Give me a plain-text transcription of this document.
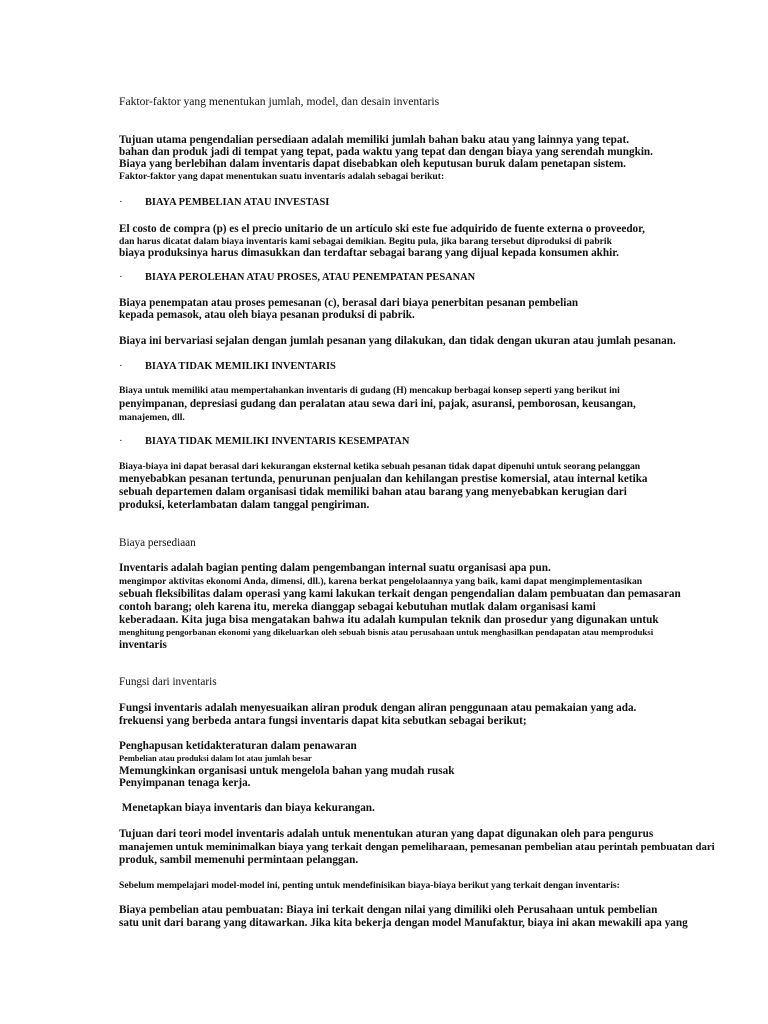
Faktor-faktor yang menentukan jumlah, model, dan desain inventaris
Tujuan utama pengendalian persediaan adalah memiliki jumlah bahan baku atau yang lainnya yang tepat.
bahan dan produk jadi di tempat yang tepat, pada waktu yang tepat dan dengan biaya yang serendah mungkin.
Biaya yang berlebihan dalam inventaris dapat disebabkan oleh keputusan buruk dalam penetapan sistem.
Faktor-faktor yang dapat menentukan suatu inventaris adalah sebagai berikut:
· BIAYA PEMBELIAN ATAU INVESTASI
El costo de compra (p) es el precio unitario de un artículo ski este fue adquirido de fuente externa o proveedor,
dan harus dicatat dalam biaya inventaris kami sebagai demikian. Begitu pula, jika barang tersebut diproduksi di pabrik
biaya produksinya harus dimasukkan dan terdaftar sebagai barang yang dijual kepada konsumen akhir.
· BIAYA PEROLEHAN ATAU PROSES, ATAU PENEMPATAN PESANAN
Biaya penempatan atau proses pemesanan (c), berasal dari biaya penerbitan pesanan pembelian
kepada pemasok, atau oleh biaya pesanan produksi di pabrik.
Biaya ini bervariasi sejalan dengan jumlah pesanan yang dilakukan, dan tidak dengan ukuran atau jumlah pesanan.
· BIAYA TIDAK MEMILIKI INVENTARIS
Biaya untuk memiliki atau mempertahankan inventaris di gudang (H) mencakup berbagai konsep seperti yang berikut ini
penyimpanan, depresiasi gudang dan peralatan atau sewa dari ini, pajak, asuransi, pemborosan, keusangan,
manajemen, dll.
· BIAYA TIDAK MEMILIKI INVENTARIS KESEMPATAN
Biaya-biaya ini dapat berasal dari kekurangan eksternal ketika sebuah pesanan tidak dapat dipenuhi untuk seorang pelanggan
menyebabkan pesanan tertunda, penurunan penjualan dan kehilangan prestise komersial, atau internal ketika
sebuah departemen dalam organisasi tidak memiliki bahan atau barang yang menyebabkan kerugian dari
produksi, keterlambatan dalam tanggal pengiriman.
Biaya persediaan
Inventaris adalah bagian penting dalam pengembangan internal suatu organisasi apa pun.
mengimpor aktivitas ekonomi Anda, dimensi, dll.), karena berkat pengelolaannya yang baik, kami dapat mengimplementasikan
sebuah fleksibilitas dalam operasi yang kami lakukan terkait dengan pengendalian dalam pembuatan dan pemasaran
contoh barang; oleh karena itu, mereka dianggap sebagai kebutuhan mutlak dalam organisasi kami
keberadaan. Kita juga bisa mengatakan bahwa itu adalah kumpulan teknik dan prosedur yang digunakan untuk
menghitung pengorbanan ekonomi yang dikeluarkan oleh sebuah bisnis atau perusahaan untuk menghasilkan pendapatan atau memproduksi
inventaris
Fungsi dari inventaris
Fungsi inventaris adalah menyesuaikan aliran produk dengan aliran penggunaan atau pemakaian yang ada.
frekuensi yang berbeda antara fungsi inventaris dapat kita sebutkan sebagai berikut;
Penghapusan ketidakteraturan dalam penawaran
Pembelian atau produksi dalam lot atau jumlah besar
Memungkinkan organisasi untuk mengelola bahan yang mudah rusak
Penyimpanan tenaga kerja.
Menetapkan biaya inventaris dan biaya kekurangan.
Tujuan dari teori model inventaris adalah untuk menentukan aturan yang dapat digunakan oleh para pengurus
manajemen untuk meminimalkan biaya yang terkait dengan pemeliharaan, pemesanan pembelian atau perintah pembuatan dari
produk, sambil memenuhi permintaan pelanggan.
Sebelum mempelajari model-model ini, penting untuk mendefinisikan biaya-biaya berikut yang terkait dengan inventaris:
Biaya pembelian atau pembuatan: Biaya ini terkait dengan nilai yang dimiliki oleh Perusahaan untuk pembelian
satu unit dari barang yang ditawarkan. Jika kita bekerja dengan model Manufaktur, biaya ini akan mewakili apa yang
